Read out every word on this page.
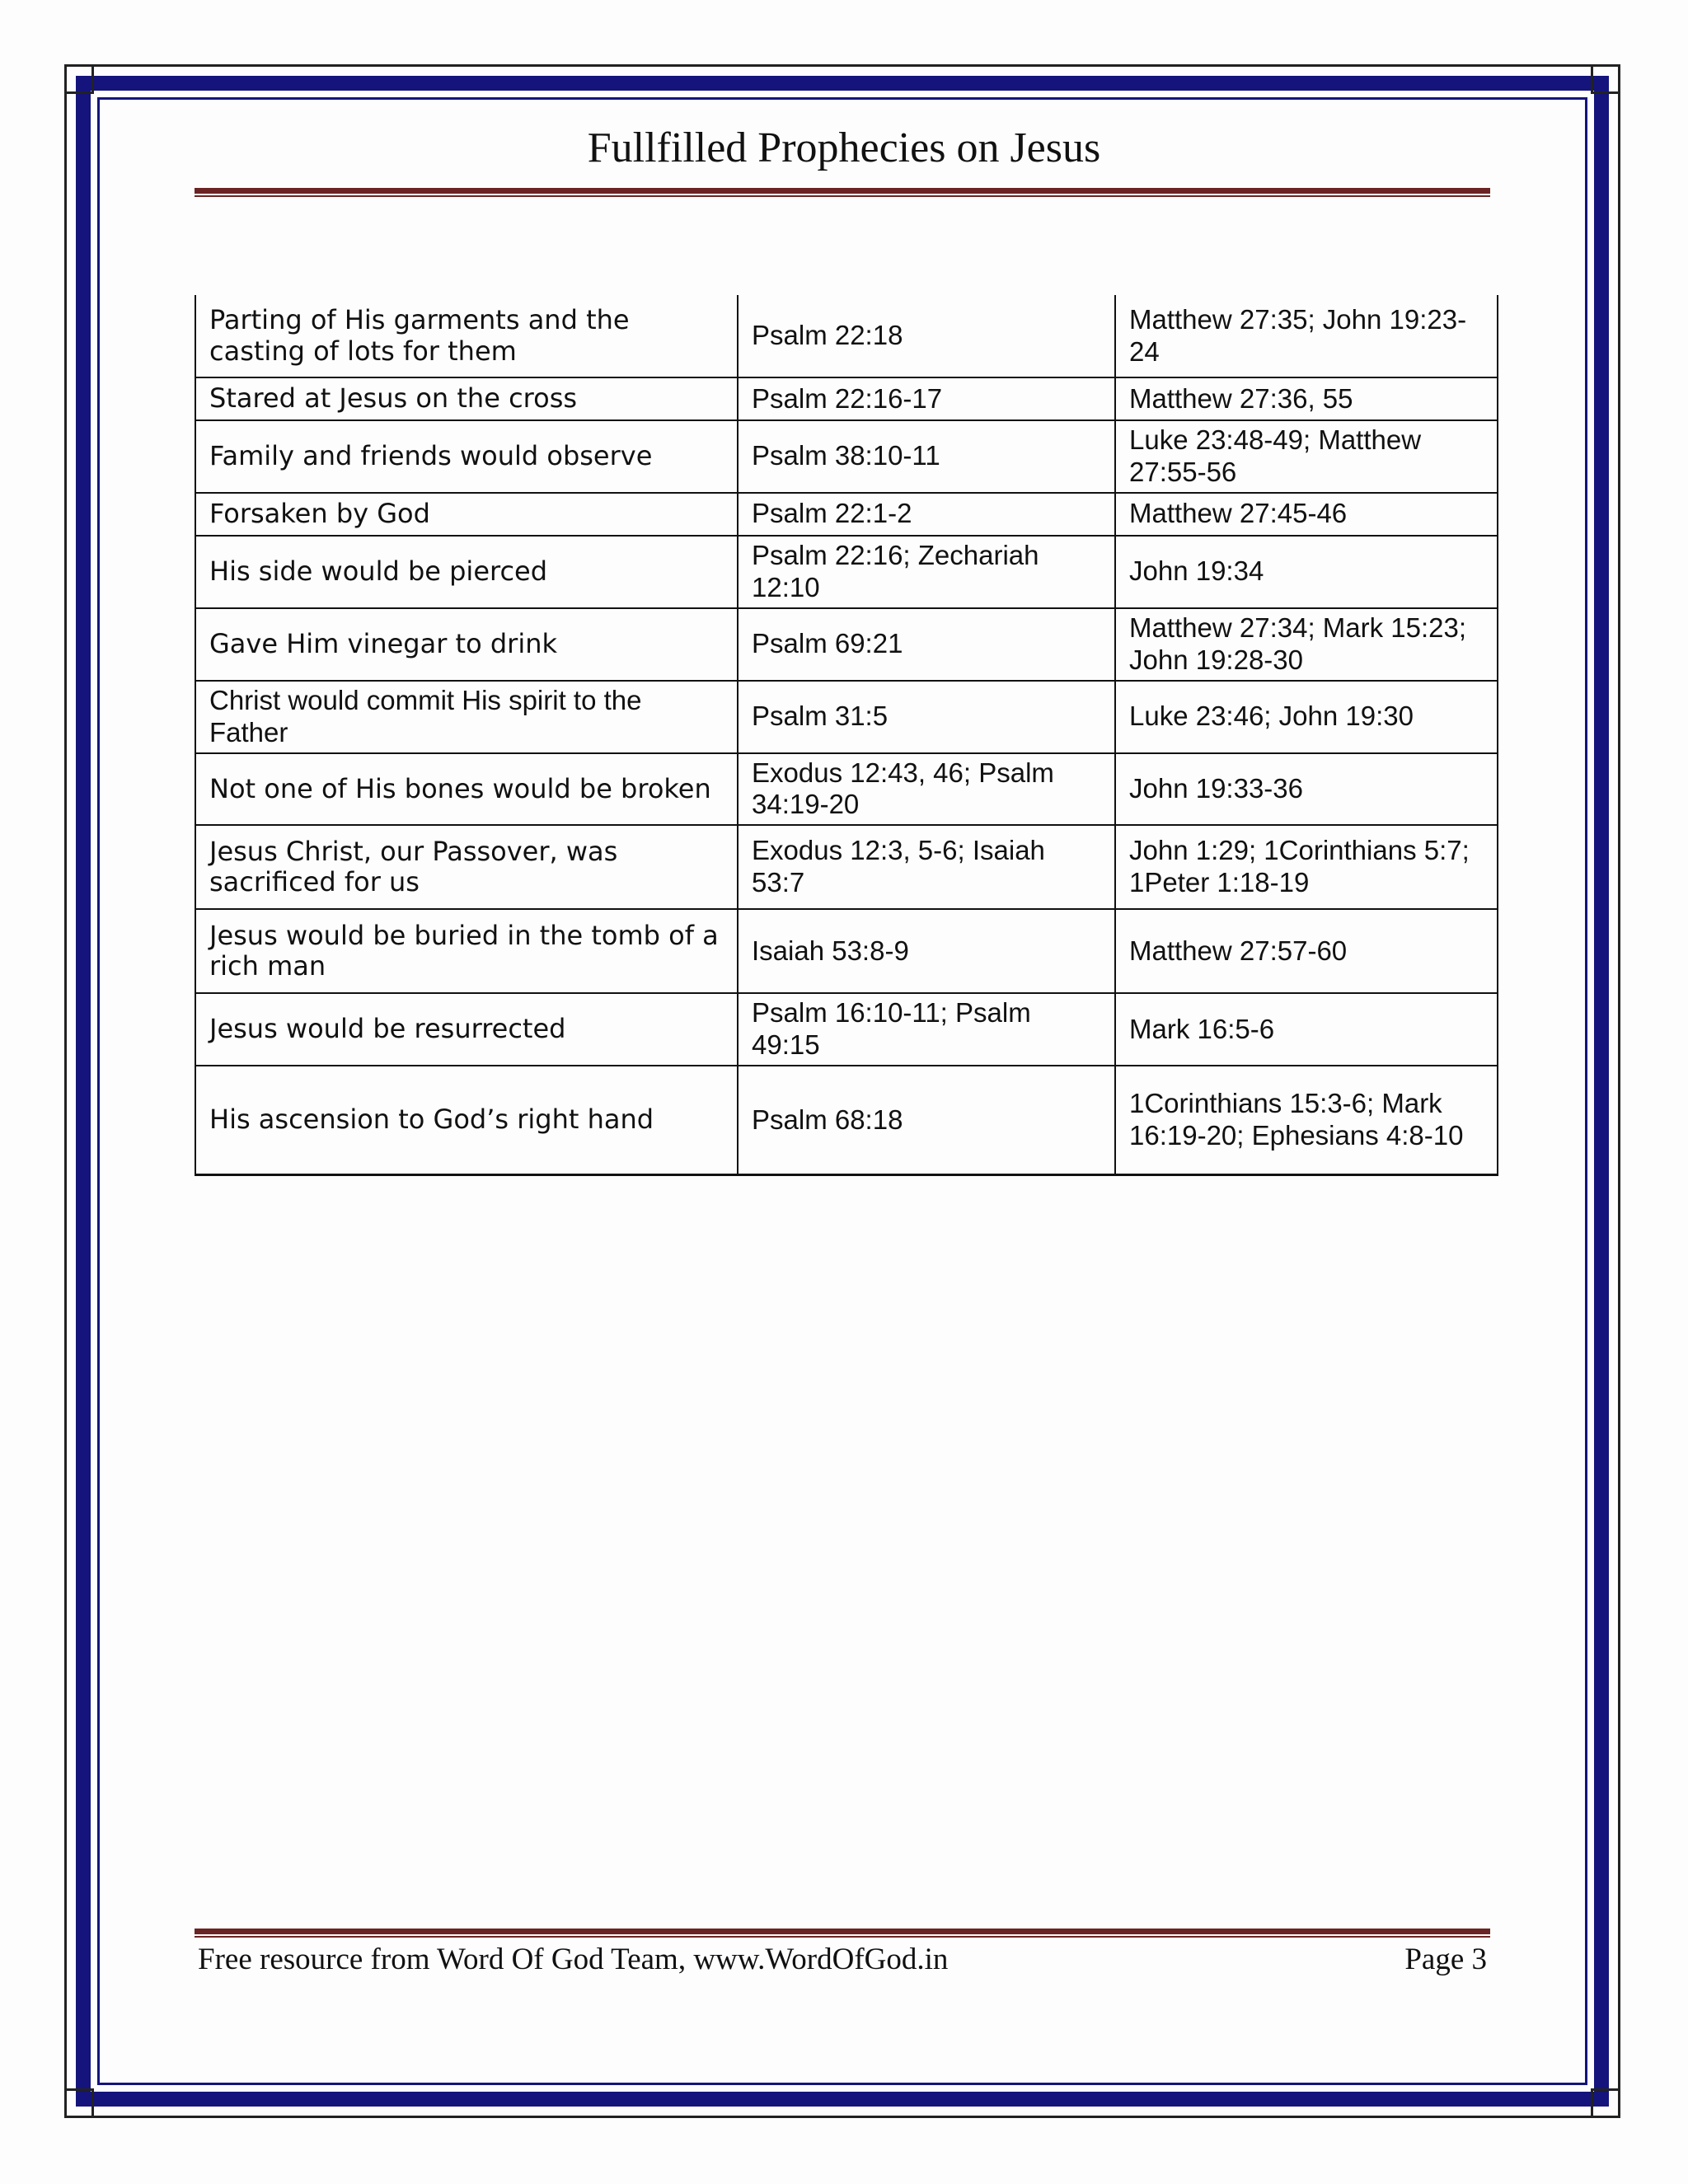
Fullfilled Prophecies on Jesus
Parting of His garments and the casting of lots for them	Psalm 22:18	Matthew 27:35; John 19:23-24
Stared at Jesus on the cross	Psalm 22:16-17	Matthew 27:36, 55
Family and friends would observe	Psalm 38:10-11	Luke 23:48-49; Matthew 27:55-56
Forsaken by God	Psalm 22:1-2	Matthew 27:45-46
His side would be pierced	Psalm 22:16; Zechariah 12:10	John 19:34
Gave Him vinegar to drink	Psalm 69:21	Matthew 27:34; Mark 15:23; John 19:28-30
Christ would commit His spirit to the Father	Psalm 31:5	Luke 23:46; John 19:30
Not one of His bones would be broken	Exodus 12:43, 46; Psalm 34:19-20	John 19:33-36
Jesus Christ, our Passover, was sacrificed for us	Exodus 12:3, 5-6; Isaiah 53:7	John 1:29; 1Corinthians 5:7; 1Peter 1:18-19
Jesus would be buried in the tomb of a rich man	Isaiah 53:8-9	Matthew 27:57-60
Jesus would be resurrected	Psalm 16:10-11; Psalm 49:15	Mark 16:5-6
His ascension to God’s right hand	Psalm 68:18	1Corinthians 15:3-6; Mark 16:19-20; Ephesians 4:8-10
Free resource from Word Of God Team, www.WordOfGod.in	Page 3
